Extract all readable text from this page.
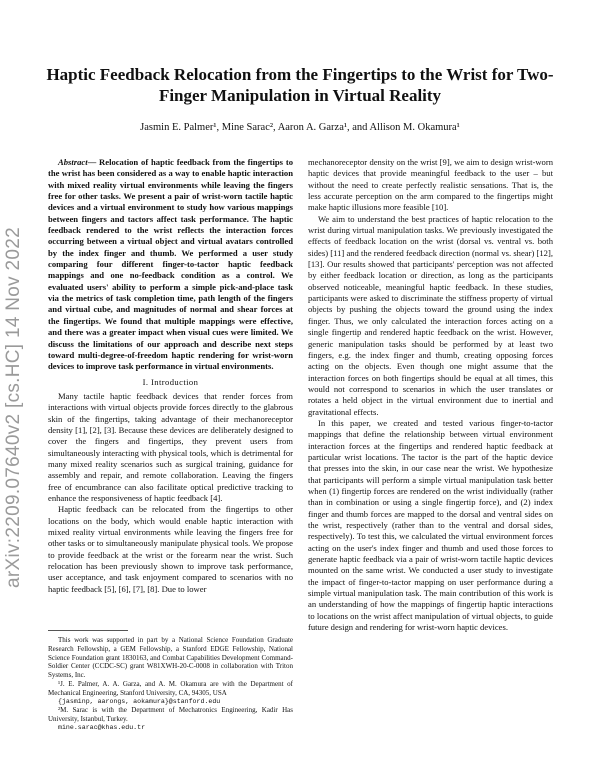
Haptic Feedback Relocation from the Fingertips to the Wrist for Two-Finger Manipulation in Virtual Reality
Jasmin E. Palmer¹, Mine Sarac², Aaron A. Garza¹, and Allison M. Okamura¹
arXiv:2209.07640v2 [cs.HC] 14 Nov 2022

Abstract— Relocation of haptic feedback from the fingertips to the wrist has been considered as a way to enable haptic interaction with mixed reality virtual environments while leaving the fingers free for other tasks. We present a pair of wrist-worn tactile haptic devices and a virtual environment to study how various mappings between fingers and tactors affect task performance. The haptic feedback rendered to the wrist reflects the interaction forces occurring between a virtual object and virtual avatars controlled by the index finger and thumb. We performed a user study comparing four different finger-to-tactor haptic feedback mappings and one no-feedback condition as a control. We evaluated users' ability to perform a simple pick-and-place task via the metrics of task completion time, path length of the fingers and virtual cube, and magnitudes of normal and shear forces at the fingertips. We found that multiple mappings were effective, and there was a greater impact when visual cues were limited. We discuss the limitations of our approach and describe next steps toward multi-degree-of-freedom haptic rendering for wrist-worn devices to improve task performance in virtual environments.

I. Introduction

Many tactile haptic feedback devices that render forces from interactions with virtual objects provide forces directly to the glabrous skin of the fingertips, taking advantage of their mechanoreceptor density [1], [2], [3]. Because these devices are deliberately designed to cover the fingers and fingertips, they prevent users from simultaneously interacting with physical tools, which is detrimental for many mixed reality scenarios such as surgical training, guidance for assembly and repair, and remote collaboration. Leaving the fingers free of encumbrance can also facilitate optical predictive tracking to enhance the responsiveness of haptic feedback [4].

Haptic feedback can be relocated from the fingertips to other locations on the body, which would enable haptic interaction with mixed reality virtual environments while leaving the fingers free for other tasks or to simultaneously manipulate physical tools. We propose to provide feedback at the wrist or the forearm near the wrist. Such relocation has been previously shown to improve task performance, user acceptance, and task enjoyment compared to scenarios with no haptic feedback [5], [6], [7], [8]. Due to lower

This work was supported in part by a National Science Foundation Graduate Research Fellowship, a GEM Fellowship, a Stanford EDGE Fellowship, National Science Foundation grant 1830163, and Combat Capabilities Development Command-Soldier Center (CCDC-SC) grant W81XWH-20-C-0008 in collaboration with Triton Systems, Inc.

¹J. E. Palmer, A. A. Garza, and A. M. Okamura are with the Department of Mechanical Engineering, Stanford University, CA, 94305, USA

{jasminp, aarongs, aokamura}@stanford.edu

²M. Sarac is with the Department of Mechatronics Engineering, Kadir Has University, Istanbul, Turkey.

mine.sarac@khas.edu.tr

mechanoreceptor density on the wrist [9], we aim to design wrist-worn haptic devices that provide meaningful feedback to the user – but without the need to create perfectly realistic sensations. That is, the less accurate perception on the arm compared to the fingertips might make haptic illusions more feasible [10].

We aim to understand the best practices of haptic relocation to the wrist during virtual manipulation tasks. We previously investigated the effects of feedback location on the wrist (dorsal vs. ventral vs. both sides) [11] and the rendered feedback direction (normal vs. shear) [12], [13]. Our results showed that participants' perception was not affected by either feedback location or direction, as long as the participants observed noticeable, meaningful haptic feedback. In these studies, participants were asked to discriminate the stiffness property of virtual objects by pushing the objects toward the ground using the index finger. Thus, we only calculated the interaction forces acting on a single fingertip and rendered haptic feedback on the wrist. However, generic manipulation tasks should be performed by at least two fingers, e.g. the index finger and thumb, creating opposing forces acting on the objects. Even though one might assume that the interaction forces on both fingertips should be equal at all times, this would not correspond to scenarios in which the user translates or rotates a held object in the virtual environment due to inertial and gravitational effects.

In this paper, we created and tested various finger-to-tactor mappings that define the relationship between virtual environment interaction forces at the fingertips and rendered haptic feedback at particular wrist locations. The tactor is the part of the haptic device that presses into the skin, in our case near the wrist. We hypothesize that participants will perform a simple virtual manipulation task better when (1) fingertip forces are rendered on the wrist individually (rather than in combination or using a single fingertip force), and (2) index finger and thumb forces are mapped to the dorsal and ventral sides on the wrist, respectively (rather than to the ventral and dorsal sides, respectively). To test this, we calculated the virtual environment forces acting on the user's index finger and thumb and used those forces to generate haptic feedback via a pair of wrist-worn tactile haptic devices mounted on the same wrist. We conducted a user study to investigate the impact of finger-to-tactor mapping on user performance during a simple virtual manipulation task. The main contribution of this work is an understanding of how the mappings of fingertip haptic interactions to locations on the wrist affect manipulation of virtual objects, to guide future design and rendering for wrist-worn haptic devices.
